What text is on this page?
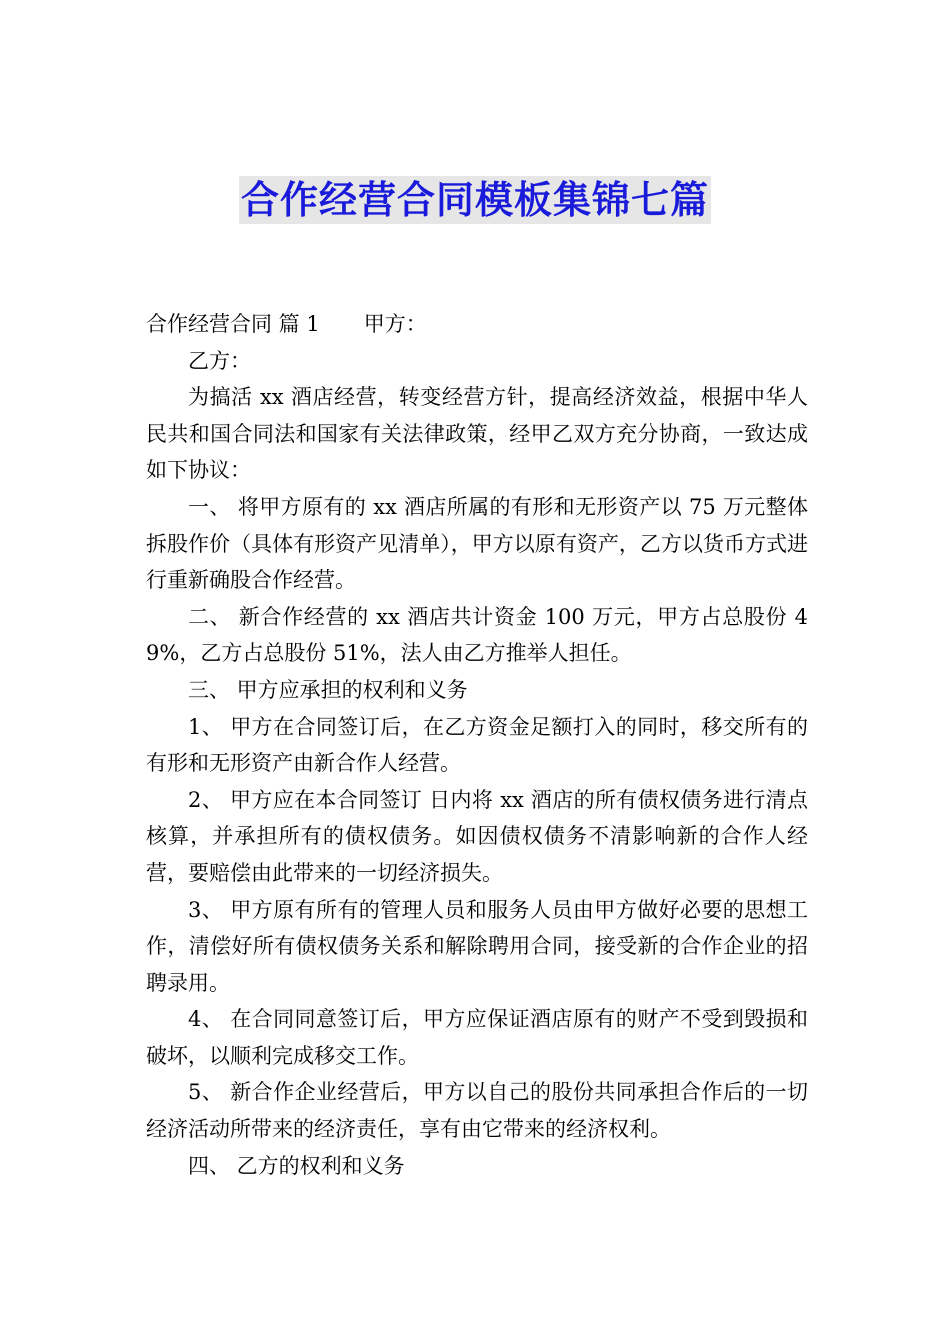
合作经营合同模板集锦七篇

合作经营合同 篇 1 甲方：

乙方：

为搞活 xx 酒店经营，转变经营方针，提高经济效益，根据中华人民共和国合同法和国家有关法律政策，经甲乙双方充分协商，一致达成如下协议：

一、 将甲方原有的 xx 酒店所属的有形和无形资产以 75 万元整体拆股作价（具体有形资产见清单），甲方以原有资产，乙方以货币方式进行重新确股合作经营。

二、 新合作经营的 xx 酒店共计资金 100 万元，甲方占总股份 49%，乙方占总股份 51%，法人由乙方推举人担任。

三、 甲方应承担的权利和义务

1、 甲方在合同签订后，在乙方资金足额打入的同时，移交所有的有形和无形资产由新合作人经营。

2、 甲方应在本合同签订 日内将 xx 酒店的所有债权债务进行清点核算，并承担所有的债权债务。如因债权债务不清影响新的合作人经营，要赔偿由此带来的一切经济损失。

3、 甲方原有所有的管理人员和服务人员由甲方做好必要的思想工作，清偿好所有债权债务关系和解除聘用合同，接受新的合作企业的招聘录用。

4、 在合同同意签订后，甲方应保证酒店原有的财产不受到毁损和破坏，以顺利完成移交工作。

5、 新合作企业经营后，甲方以自己的股份共同承担合作后的一切经济活动所带来的经济责任，享有由它带来的经济权利。

四、 乙方的权利和义务
